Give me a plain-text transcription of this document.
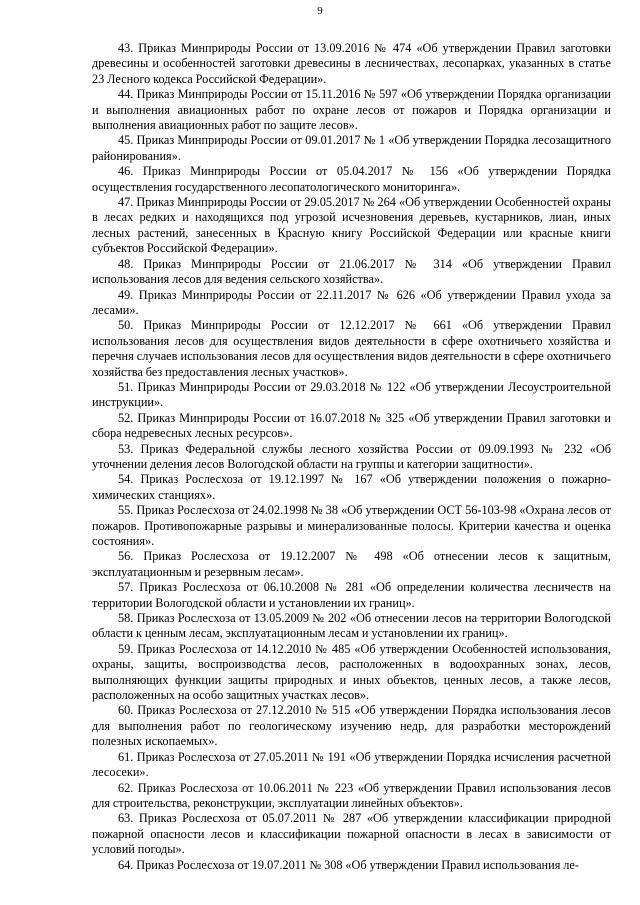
9

43. Приказ Минприроды России от 13.09.2016 № 474 «Об утверждении Правил заготовки древесины и особенностей заготовки древесины в лесничествах, лесопарках, указанных в статье 23 Лесного кодекса Российской Федерации».

44. Приказ Минприроды России от 15.11.2016 № 597 «Об утверждении Порядка организации и выполнения авиационных работ по охране лесов от пожаров и Порядка организации и выполнения авиационных работ по защите лесов».

45. Приказ Минприроды России от 09.01.2017 № 1 «Об утверждении Порядка лесозащитного районирования».

46. Приказ Минприроды России от 05.04.2017 № 156 «Об утверждении Порядка осуществления государственного лесопатологического мониторинга».

47. Приказ Минприроды России от 29.05.2017 № 264 «Об утверждении Особенностей охраны в лесах редких и находящихся под угрозой исчезновения деревьев, кустарников, лиан, иных лесных растений, занесенных в Красную книгу Российской Федерации или красные книги субъектов Российской Федерации».

48. Приказ Минприроды России от 21.06.2017 № 314 «Об утверждении Правил использования лесов для ведения сельского хозяйства».

49. Приказ Минприроды России от 22.11.2017 № 626 «Об утверждении Правил ухода за лесами».

50. Приказ Минприроды России от 12.12.2017 № 661 «Об утверждении Правил использования лесов для осуществления видов деятельности в сфере охотничьего хозяйства и перечня случаев использования лесов для осуществления видов деятельности в сфере охотничьего хозяйства без предоставления лесных участков».

51. Приказ Минприроды России от 29.03.2018 № 122 «Об утверждении Лесоустроительной инструкции».

52. Приказ Минприроды России от 16.07.2018 № 325 «Об утверждении Правил заготовки и сбора недревесных лесных ресурсов».

53. Приказ Федеральной службы лесного хозяйства России от 09.09.1993 № 232 «Об уточнении деления лесов Вологодской области на группы и категории защитности».

54. Приказ Рослесхоза от 19.12.1997 № 167 «Об утверждении положения о пожарно-химических станциях».

55. Приказ Рослесхоза от 24.02.1998 № 38 «Об утверждении ОСТ 56-103-98 «Охрана лесов от пожаров. Противопожарные разрывы и минерализованные полосы. Критерии качества и оценка состояния».

56. Приказ Рослесхоза от 19.12.2007 № 498 «Об отнесении лесов к защитным, эксплуатационным и резервным лесам».

57. Приказ Рослесхоза от 06.10.2008 № 281 «Об определении количества лесничеств на территории Вологодской области и установлении их границ».

58. Приказ Рослесхоза от 13.05.2009 № 202 «Об отнесении лесов на территории Вологодской области к ценным лесам, эксплуатационным лесам и установлении их границ».

59. Приказ Рослесхоза от 14.12.2010 № 485 «Об утверждении Особенностей использования, охраны, защиты, воспроизводства лесов, расположенных в водоохранных зонах, лесов, выполняющих функции защиты природных и иных объектов, ценных лесов, а также лесов, расположенных на особо защитных участках лесов».

60. Приказ Рослесхоза от 27.12.2010 № 515 «Об утверждении Порядка использования лесов для выполнения работ по геологическому изучению недр, для разработки месторождений полезных ископаемых».

61. Приказ Рослесхоза от 27.05.2011 № 191 «Об утверждении Порядка исчисления расчетной лесосеки».

62. Приказ Рослесхоза от 10.06.2011 № 223 «Об утверждении Правил использования лесов для строительства, реконструкции, эксплуатации линейных объектов».

63. Приказ Рослесхоза от 05.07.2011 № 287 «Об утверждении классификации природной пожарной опасности лесов и классификации пожарной опасности в лесах в зависимости от условий погоды».

64. Приказ Рослесхоза от 19.07.2011 № 308 «Об утверждении Правил использования ле-
